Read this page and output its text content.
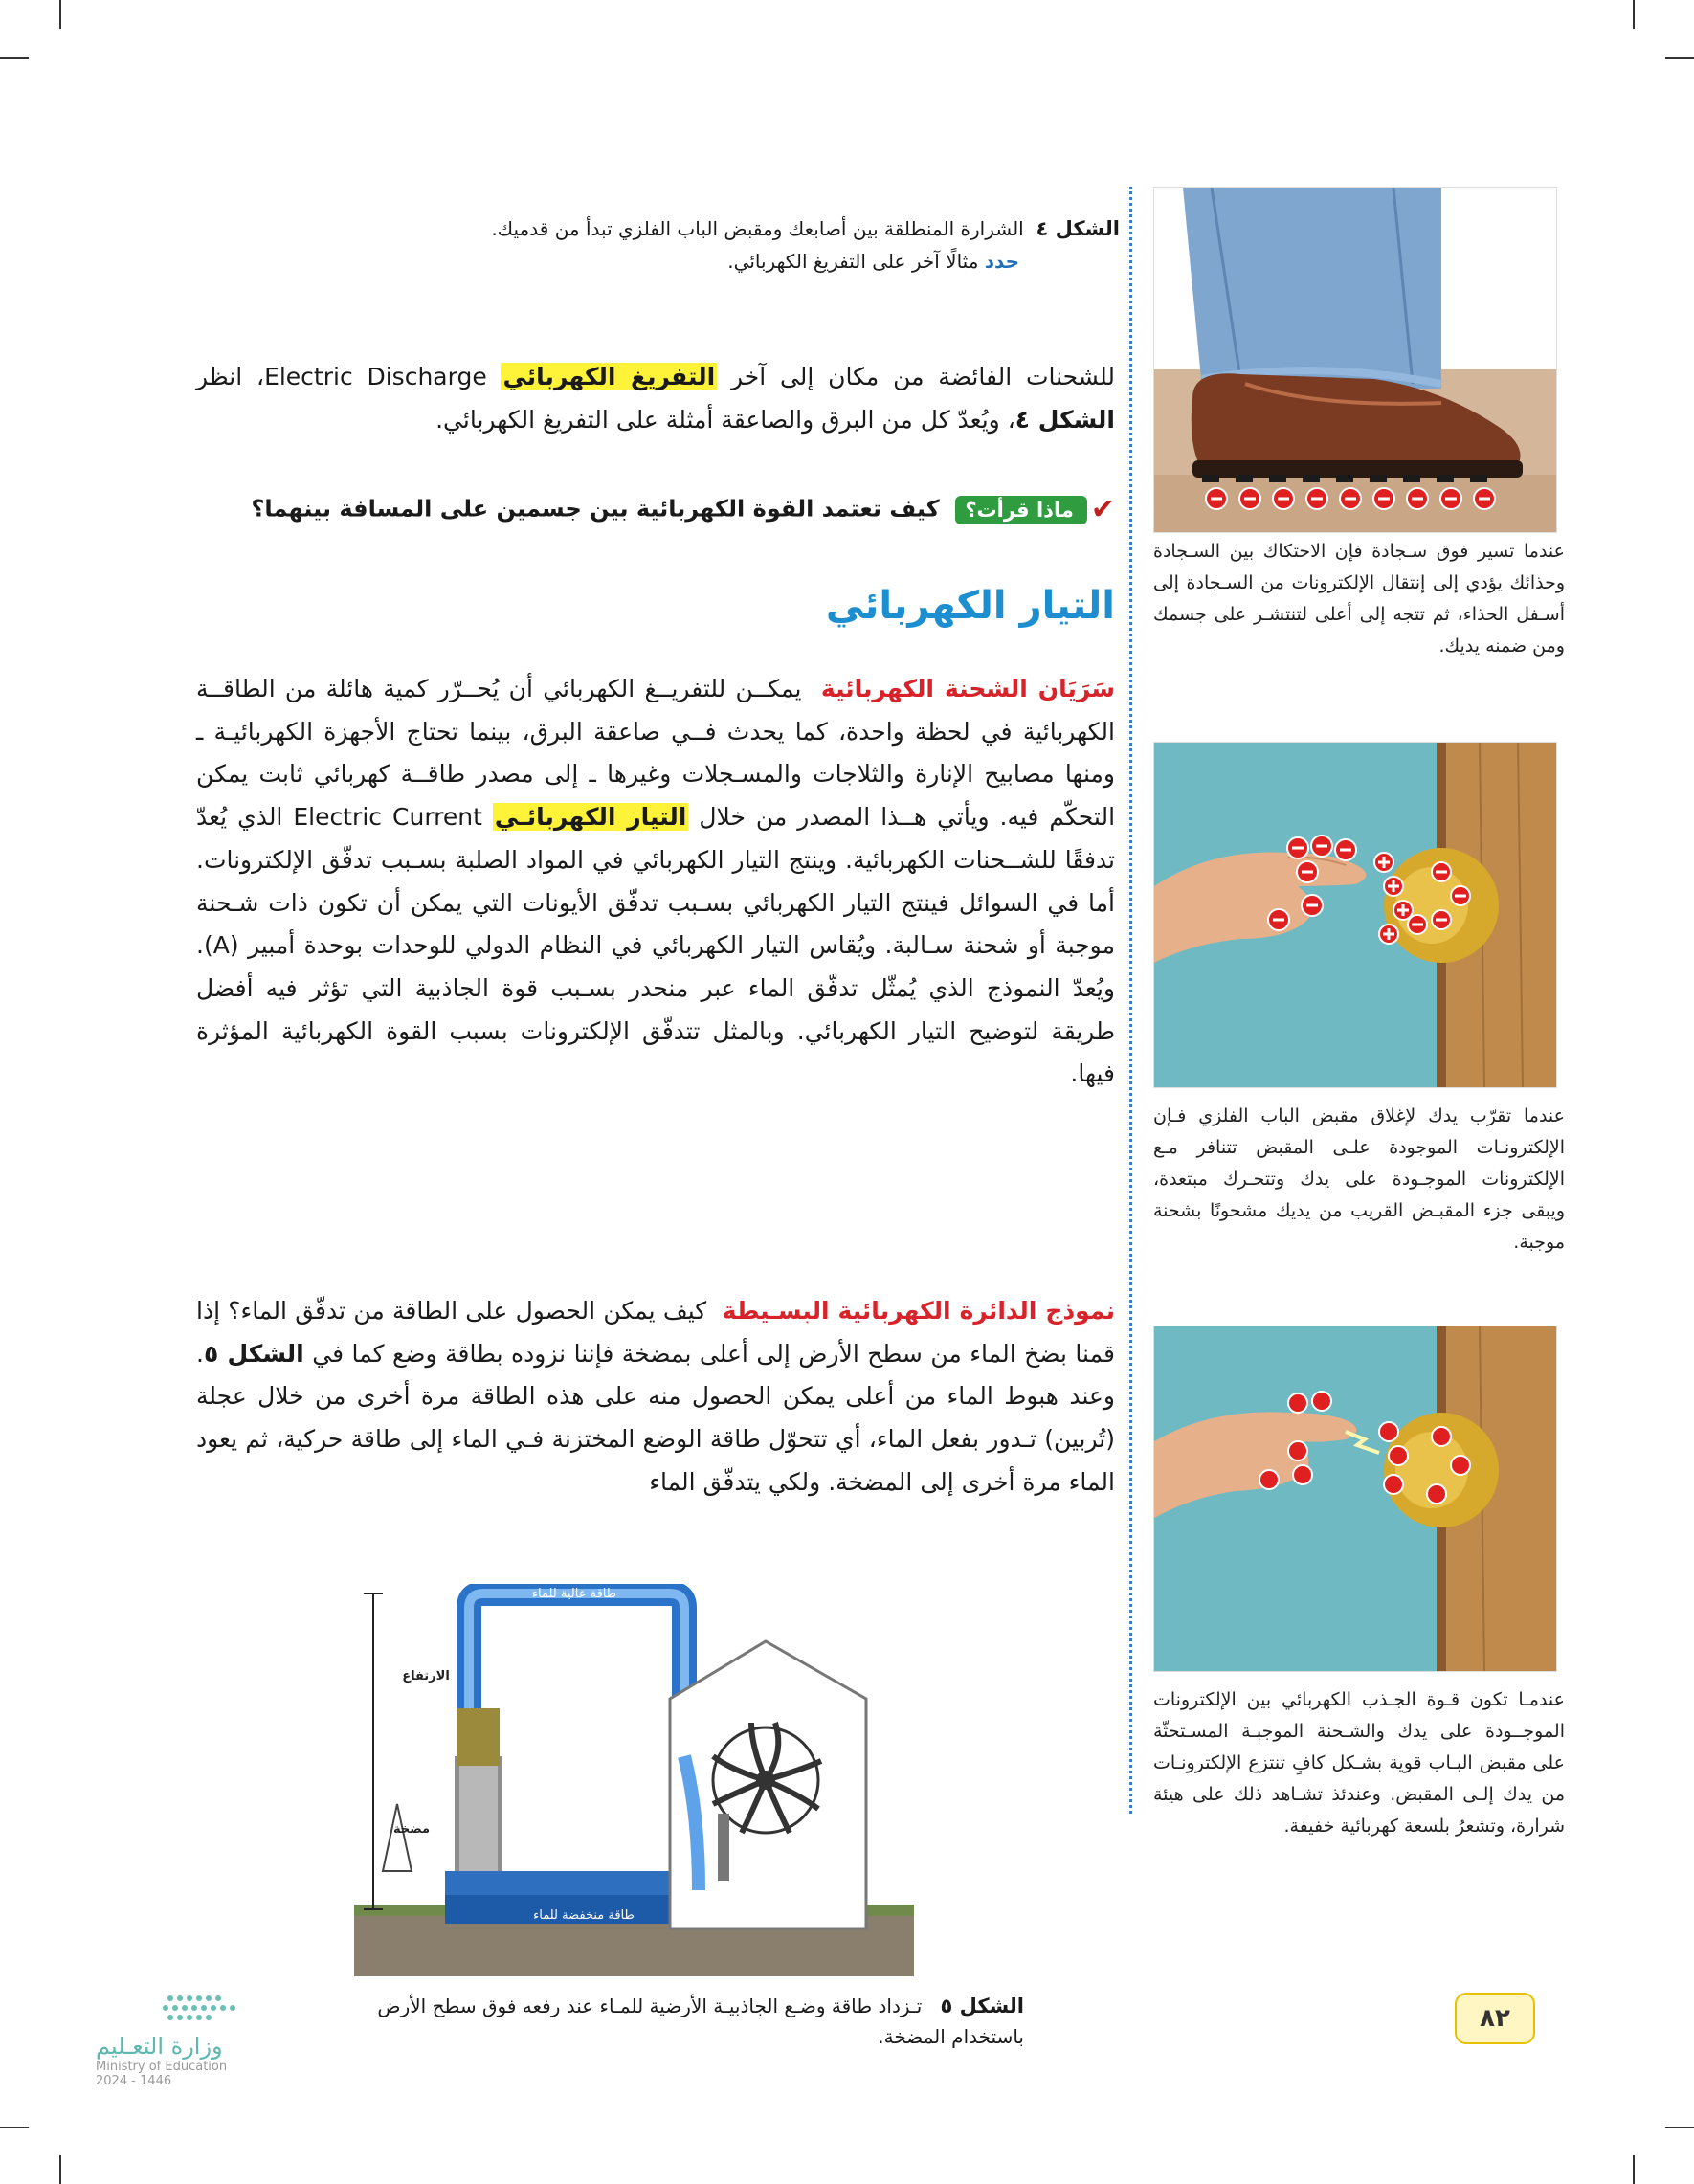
عندما تسير فوق سـجادة فإن الاحتكاك بين السـجادة وحذائك يؤدي إلى إنتقال الإلكترونات من السـجادة إلى أسـفل الحذاء، ثم تتجه إلى أعلى لتنتشـر على جسمك ومن ضمنه يديك.
عندما تقرّب يدك لإغلاق مقبض الباب الفلزي فـإن الإلكترونـات الموجودة علـى المقبض تتنافر مـع الإلكترونات الموجـودة على يدك وتتحـرك مبتعدة، ويبقى جزء المقبـض القريب من يديك مشحونًا بشحنة موجبة.
عندمـا تكون قـوة الجـذب الكهربائي بين الإلكترونات الموجــودة على يدك والشـحنة الموجبـة المسـتحثّة على مقبض البـاب قوية بشـكل كافٍ تنتزع الإلكترونـات من يدك إلـى المقبض. وعندئذ تشـاهد ذلك على هيئة شرارة، وتشعرُ بلسعة كهربائية خفيفة.
الشكل ٤  الشرارة المنطلقة بين أصابعك ومقبض الباب الفلزي تبدأ من قدميك.
حدد مثالًا آخر على التفريغ الكهربائي.
للشحنات الفائضة من مكان إلى آخر التفريغ الكهربائي Electric Discharge، انظر الشكل ٤، ويُعدّ كل من البرق والصاعقة أمثلة على التفريغ الكهربائي.
✔ماذا قرأت؟  كيف تعتمد القوة الكهربائية بين جسمين على المسافة بينهما؟
التيار الكهربائي
سَرَيَان الشحنة الكهربائية  يمكــن للتفريــغ الكهربائي أن يُحــرّر كمية هائلة من الطاقــة الكهربائية في لحظة واحدة، كما يحدث فــي صاعقة البرق، بينما تحتاج الأجهزة الكهربائيـة ـ ومنها مصابيح الإنارة والثلاجات والمسـجلات وغيرها ـ إلى مصدر طاقــة كهربائي ثابت يمكن التحكّم فيه. ويأتي هــذا المصدر من خلال التيار الكهربائـي Electric Current الذي يُعدّ تدفقًا للشــحنات الكهربائية. وينتج التيار الكهربائي في المواد الصلبة بسـبب تدفّق الإلكترونات. أما في السوائل فينتج التيار الكهربائي بسـبب تدفّق الأيونات التي يمكن أن تكون ذات شـحنة موجبة أو شحنة سـالبة. ويُقاس التيار الكهربائي في النظام الدولي للوحدات بوحدة أمبير (A). ويُعدّ النموذج الذي يُمثّل تدفّق الماء عبر منحدر بسـبب قوة الجاذبية التي تؤثر فيه أفضل طريقة لتوضيح التيار الكهربائي. وبالمثل تتدفّق الإلكترونات بسبب القوة الكهربائية المؤثرة فيها.
نموذج الدائرة الكهربائية البسـيطة  كيف يمكن الحصول على الطاقة من تدفّق الماء؟ إذا قمنا بضخ الماء من سطح الأرض إلى أعلى بمضخة فإننا نزوده بطاقة وضع كما في الشكل ٥. وعند هبوط الماء من أعلى يمكن الحصول منه على هذه الطاقة مرة أخرى من خلال عجلة (تُربين) تـدور بفعل الماء، أي تتحوّل طاقة الوضع المختزنة فـي الماء إلى طاقة حركية، ثم يعود الماء مرة أخرى إلى المضخة. ولكي يتدفّق الماء
طاقة عالية للماء
طاقة منخفضة للماء
الارتفاع
مضخة
الأرض
الشكل ٥   تـزداد طاقة وضـع الجاذبيـة الأرضية للمـاء عند رفعه فوق سطح الأرض باستخدام المضخة.
٨٢
وزارة التعـليم
Ministry of Education
2024 - 1446
